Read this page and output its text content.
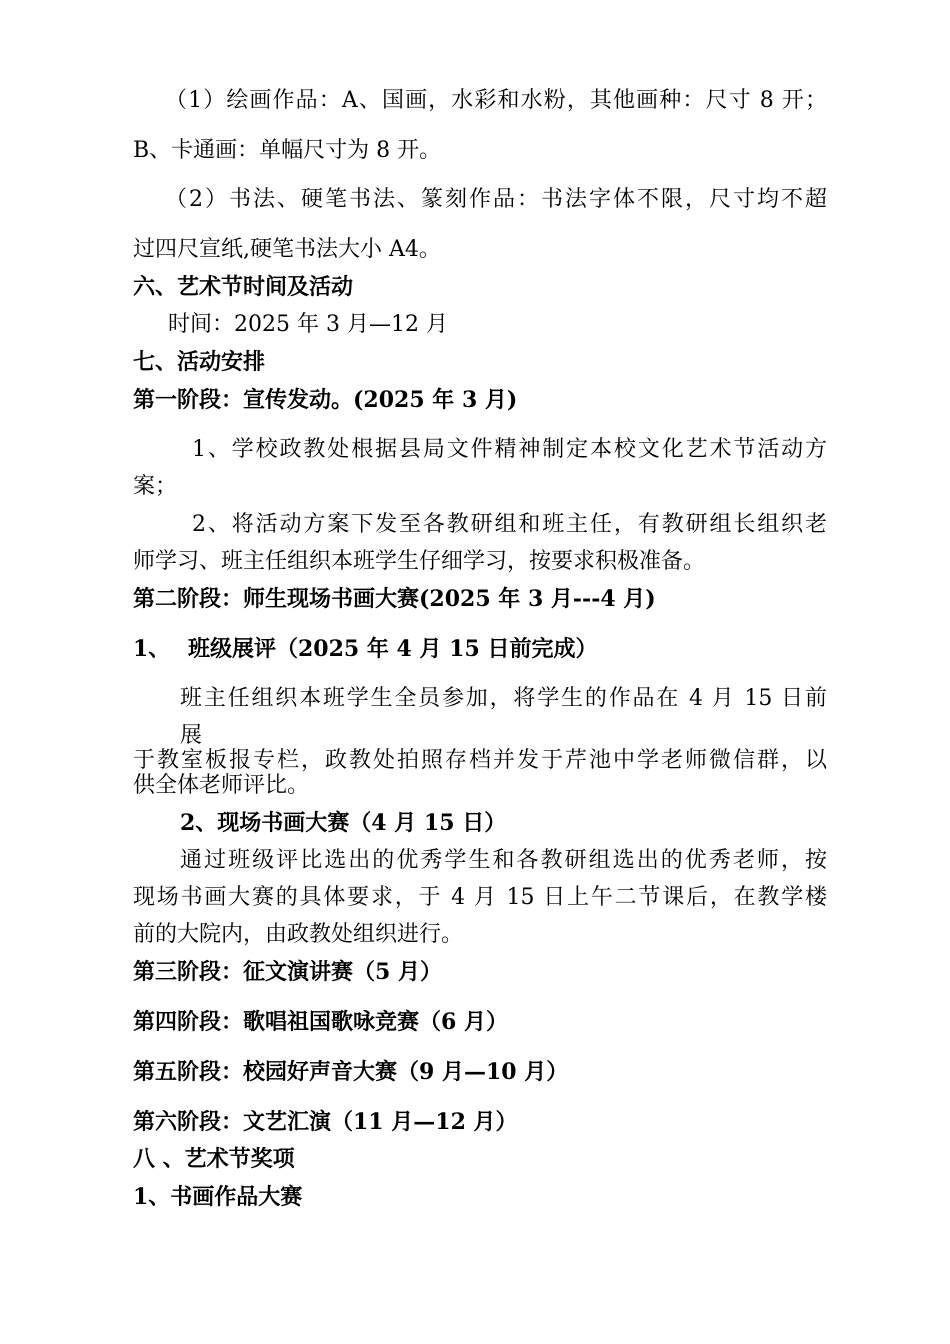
（1）绘画作品：A、国画，水彩和水粉，其他画种：尺寸 8 开；
B、卡通画：单幅尺寸为 8 开。
（2）书法、硬笔书法、篆刻作品：书法字体不限，尺寸均不超
过四尺宣纸,硬笔书法大小 A4。
六、艺术节时间及活动
时间：2025 年 3 月—12 月
七、活动安排
第一阶段：宣传发动。(2025 年 3 月)
1、学校政教处根据县局文件精神制定本校文化艺术节活动方
案；
2、将活动方案下发至各教研组和班主任，有教研组长组织老
师学习、班主任组织本班学生仔细学习，按要求积极准备。
第二阶段：师生现场书画大赛(2025 年 3 月---4 月)
1、 班级展评（2025 年 4 月 15 日前完成）
班主任组织本班学生全员参加，将学生的作品在 4 月 15 日前
展
于教室板报专栏，政教处拍照存档并发于芹池中学老师微信群，以
供全体老师评比。
2、现场书画大赛（4 月 15 日）
通过班级评比选出的优秀学生和各教研组选出的优秀老师，按
现场书画大赛的具体要求，于 4 月 15 日上午二节课后，在教学楼
前的大院内，由政教处组织进行。
第三阶段：征文演讲赛（5 月）
第四阶段：歌唱祖国歌咏竞赛（6 月）
第五阶段：校园好声音大赛（9 月—10 月）
第六阶段：文艺汇演（11 月—12 月）
八 、艺术节奖项
1、书画作品大赛
